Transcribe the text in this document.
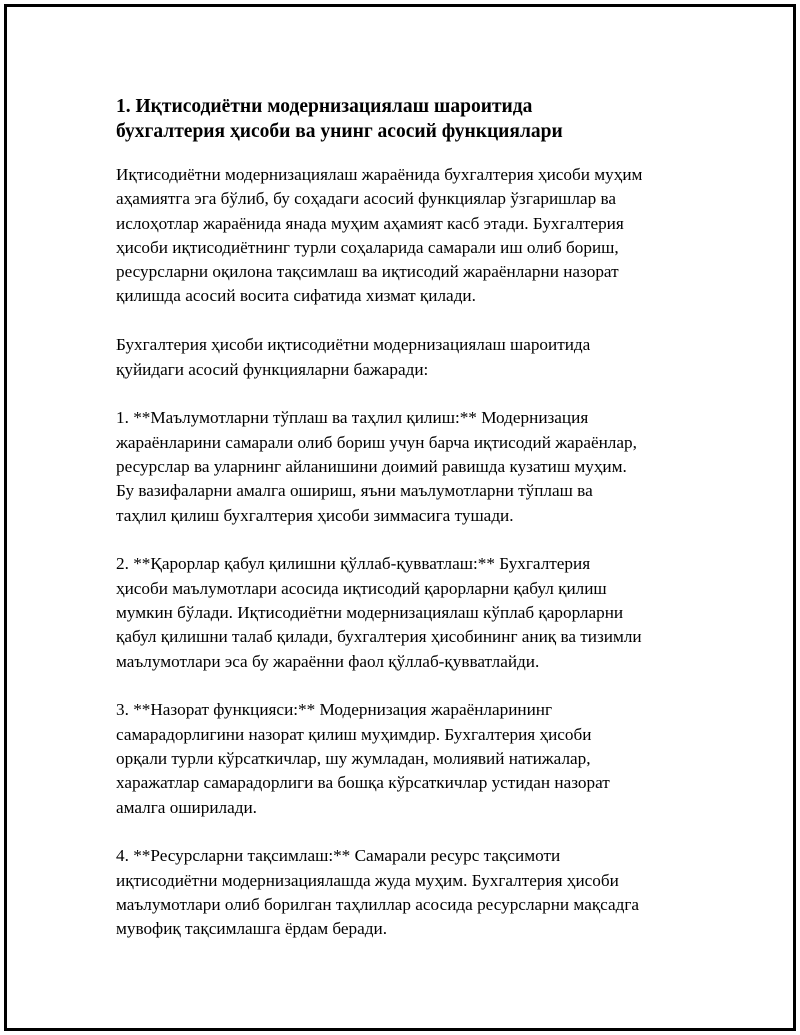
1. Иқтисодиётни модернизациялаш шароитида
бухгалтерия ҳисоби ва унинг асосий функциялари

Иқтисодиётни модернизациялаш жараёнида бухгалтерия ҳисоби муҳим
аҳамиятга эга бўлиб, бу соҳадаги асосий функциялар ўзгаришлар ва
ислоҳотлар жараёнида янада муҳим аҳамият касб этади. Бухгалтерия
ҳисоби иқтисодиётнинг турли соҳаларида самарали иш олиб бориш,
ресурсларни оқилона тақсимлаш ва иқтисодий жараёнларни назорат
қилишда асосий восита сифатида хизмат қилади.

Бухгалтерия ҳисоби иқтисодиётни модернизациялаш шароитида
қуйидаги асосий функцияларни бажаради:

1. **Маълумотларни тўплаш ва таҳлил қилиш:** Модернизация
жараёнларини самарали олиб бориш учун барча иқтисодий жараёнлар,
ресурслар ва уларнинг айланишини доимий равишда кузатиш муҳим.
Бу вазифаларни амалга ошириш, яъни маълумотларни тўплаш ва
таҳлил қилиш бухгалтерия ҳисоби зиммасига тушади.

2. **Қарорлар қабул қилишни қўллаб-қувватлаш:** Бухгалтерия
ҳисоби маълумотлари асосида иқтисодий қарорларни қабул қилиш
мумкин бўлади. Иқтисодиётни модернизациялаш кўплаб қарорларни
қабул қилишни талаб қилади, бухгалтерия ҳисобининг аниқ ва тизимли
маълумотлари эса бу жараённи фаол қўллаб-қувватлайди.

3. **Назорат функцияси:** Модернизация жараёнларининг
самарадорлигини назорат қилиш муҳимдир. Бухгалтерия ҳисоби
орқали турли кўрсаткичлар, шу жумладан, молиявий натижалар,
харажатлар самарадорлиги ва бошқа кўрсаткичлар устидан назорат
амалга оширилади.

4. **Ресурсларни тақсимлаш:** Самарали ресурс тақсимоти
иқтисодиётни модернизациялашда жуда муҳим. Бухгалтерия ҳисоби
маълумотлари олиб борилган таҳлиллар асосида ресурсларни мақсадга
мувофиқ тақсимлашга ёрдам беради.
